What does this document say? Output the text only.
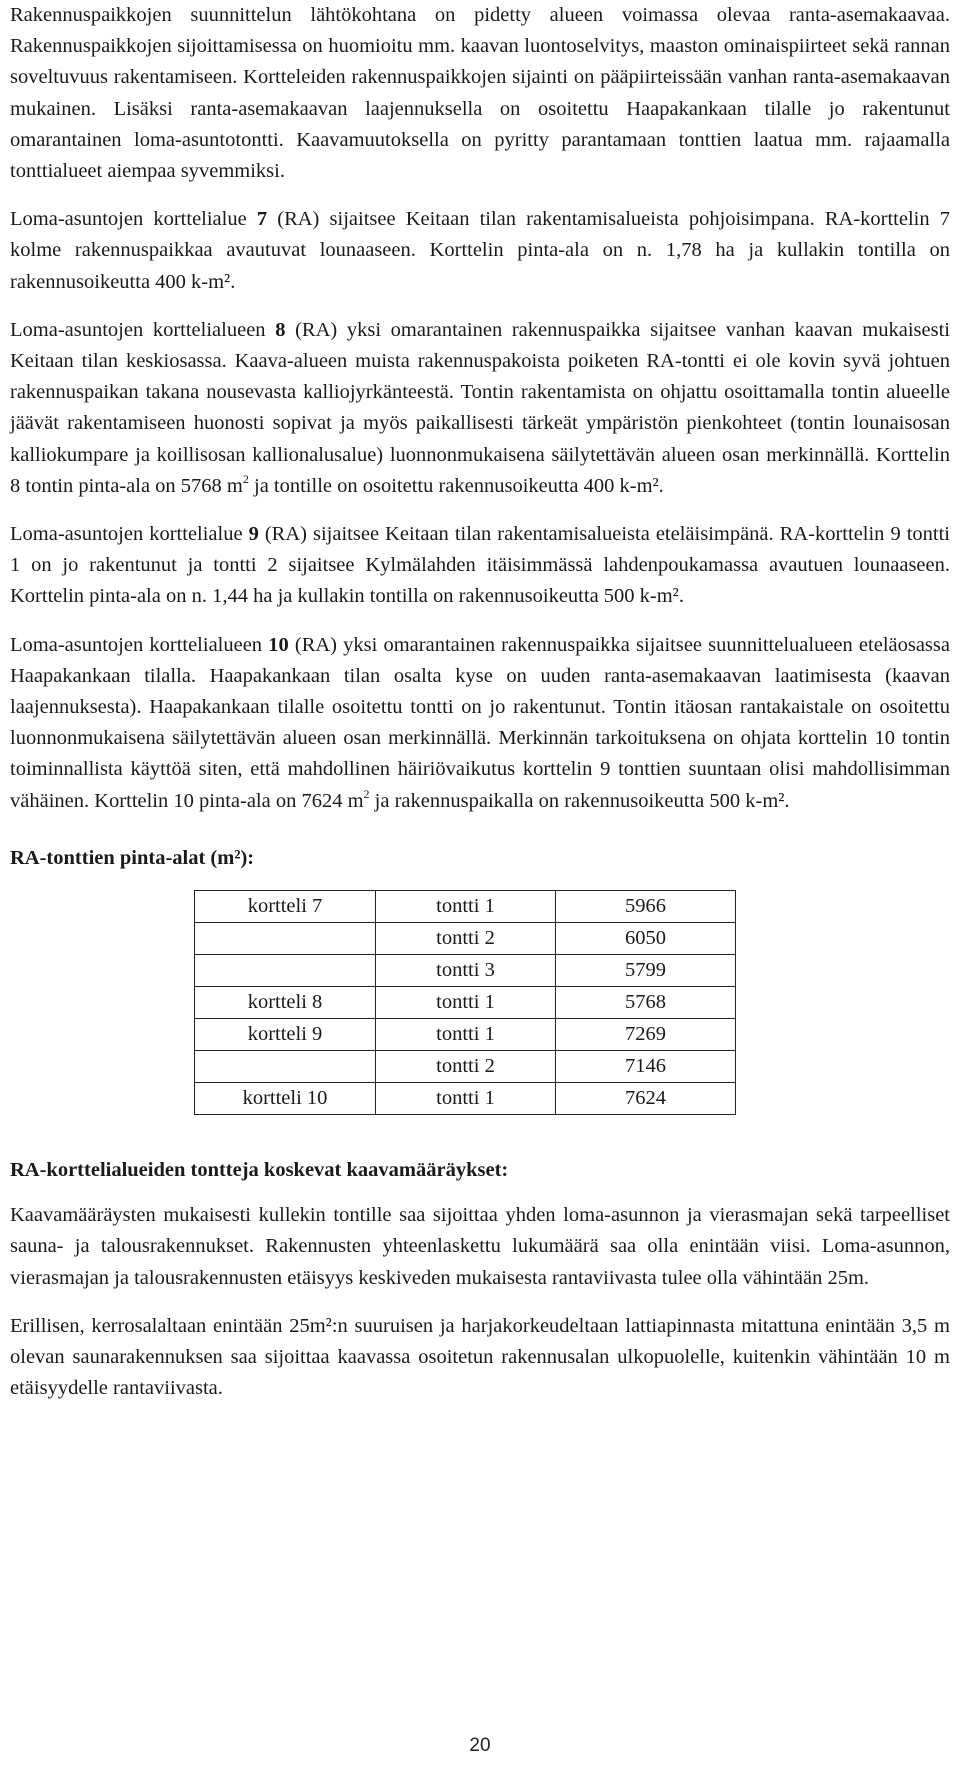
Rakennuspaikkojen suunnittelun lähtökohtana on pidetty alueen voimassa olevaa ranta-asemakaavaa. Rakennuspaikkojen sijoittamisessa on huomioitu mm. kaavan luontoselvitys, maaston ominaispiirteet sekä rannan soveltuvuus rakentamiseen. Kortteleiden rakennuspaikkojen sijainti on pääpiirteissään vanhan ranta-asemakaavan mukainen. Lisäksi ranta-asemakaavan laajennuksella on osoitettu Haapakankaan tilalle jo rakentunut omarantainen loma-asuntotontti. Kaavamuutoksella on pyritty parantamaan tonttien laatua mm. rajaamalla tonttialueet aiempaa syvemmiksi.

Loma-asuntojen korttelialue 7 (RA) sijaitsee Keitaan tilan rakentamisalueista pohjoisimpana. RA-korttelin 7 kolme rakennuspaikkaa avautuvat lounaaseen. Korttelin pinta-ala on n. 1,78 ha ja kullakin tontilla on rakennusoikeutta 400 k-m².

Loma-asuntojen korttelialueen 8 (RA) yksi omarantainen rakennuspaikka sijaitsee vanhan kaavan mukaisesti Keitaan tilan keskiosassa. Kaava-alueen muista rakennuspakoista poiketen RA-tontti ei ole kovin syvä johtuen rakennuspaikan takana nousevasta kalliojyrkänteestä. Tontin rakentamista on ohjattu osoittamalla tontin alueelle jäävät rakentamiseen huonosti sopivat ja myös paikallisesti tärkeät ympäristön pienkohteet (tontin lounaisosan kalliokumpare ja koillisosan kallionalusalue) luonnonmukaisena säilytettävän alueen osan merkinnällä. Korttelin 8 tontin pinta-ala on 5768 $m^2$ ja tontille on osoitettu rakennusoikeutta 400 k-m².

Loma-asuntojen korttelialue 9 (RA) sijaitsee Keitaan tilan rakentamisalueista eteläisimpänä. RA-korttelin 9 tontti 1 on jo rakentunut ja tontti 2 sijaitsee Kylmälahden itäisimmässä lahdenpoukamassa avautuen lounaaseen. Korttelin pinta-ala on n. 1,44 ha ja kullakin tontilla on rakennusoikeutta 500 k-m².

Loma-asuntojen korttelialueen 10 (RA) yksi omarantainen rakennuspaikka sijaitsee suunnittelualueen eteläosassa Haapakankaan tilalla. Haapakankaan tilan osalta kyse on uuden ranta-asemakaavan laatimisesta (kaavan laajennuksesta). Haapakankaan tilalle osoitettu tontti on jo rakentunut. Tontin itäosan rantakaistale on osoitettu luonnonmukaisena säilytettävän alueen osan merkinnällä. Merkinnän tarkoituksena on ohjata korttelin 10 tontin toiminnallista käyttöä siten, että mahdollinen häiriövaikutus korttelin 9 tonttien suuntaan olisi mahdollisimman vähäinen. Korttelin 10 pinta-ala on 7624 $m^2$ ja rakennuspaikalla on rakennusoikeutta 500 k-m².

RA-tonttien pinta-alat (m²):
kortteli 7	tontti 1	5966
	tontti 2	6050
	tontti 3	5799
kortteli 8	tontti 1	5768
kortteli 9	tontti 1	7269
	tontti 2	7146
kortteli 10	tontti 1	7624
RA-korttelialueiden tontteja koskevat kaavamääräykset:

Kaavamääräysten mukaisesti kullekin tontille saa sijoittaa yhden loma-asunnon ja vierasmajan sekä tarpeelliset sauna- ja talousrakennukset. Rakennusten yhteenlaskettu lukumäärä saa olla enintään viisi. Loma-asunnon, vierasmajan ja talousrakennusten etäisyys keskiveden mukaisesta rantaviivasta tulee olla vähintään 25m.

Erillisen, kerrosalaltaan enintään 25m²:n suuruisen ja harjakorkeudeltaan lattiapinnasta mitattuna enintään 3,5 m olevan saunarakennuksen saa sijoittaa kaavassa osoitetun rakennusalan ulkopuolelle, kuitenkin vähintään 10 m etäisyydelle rantaviivasta.

20
